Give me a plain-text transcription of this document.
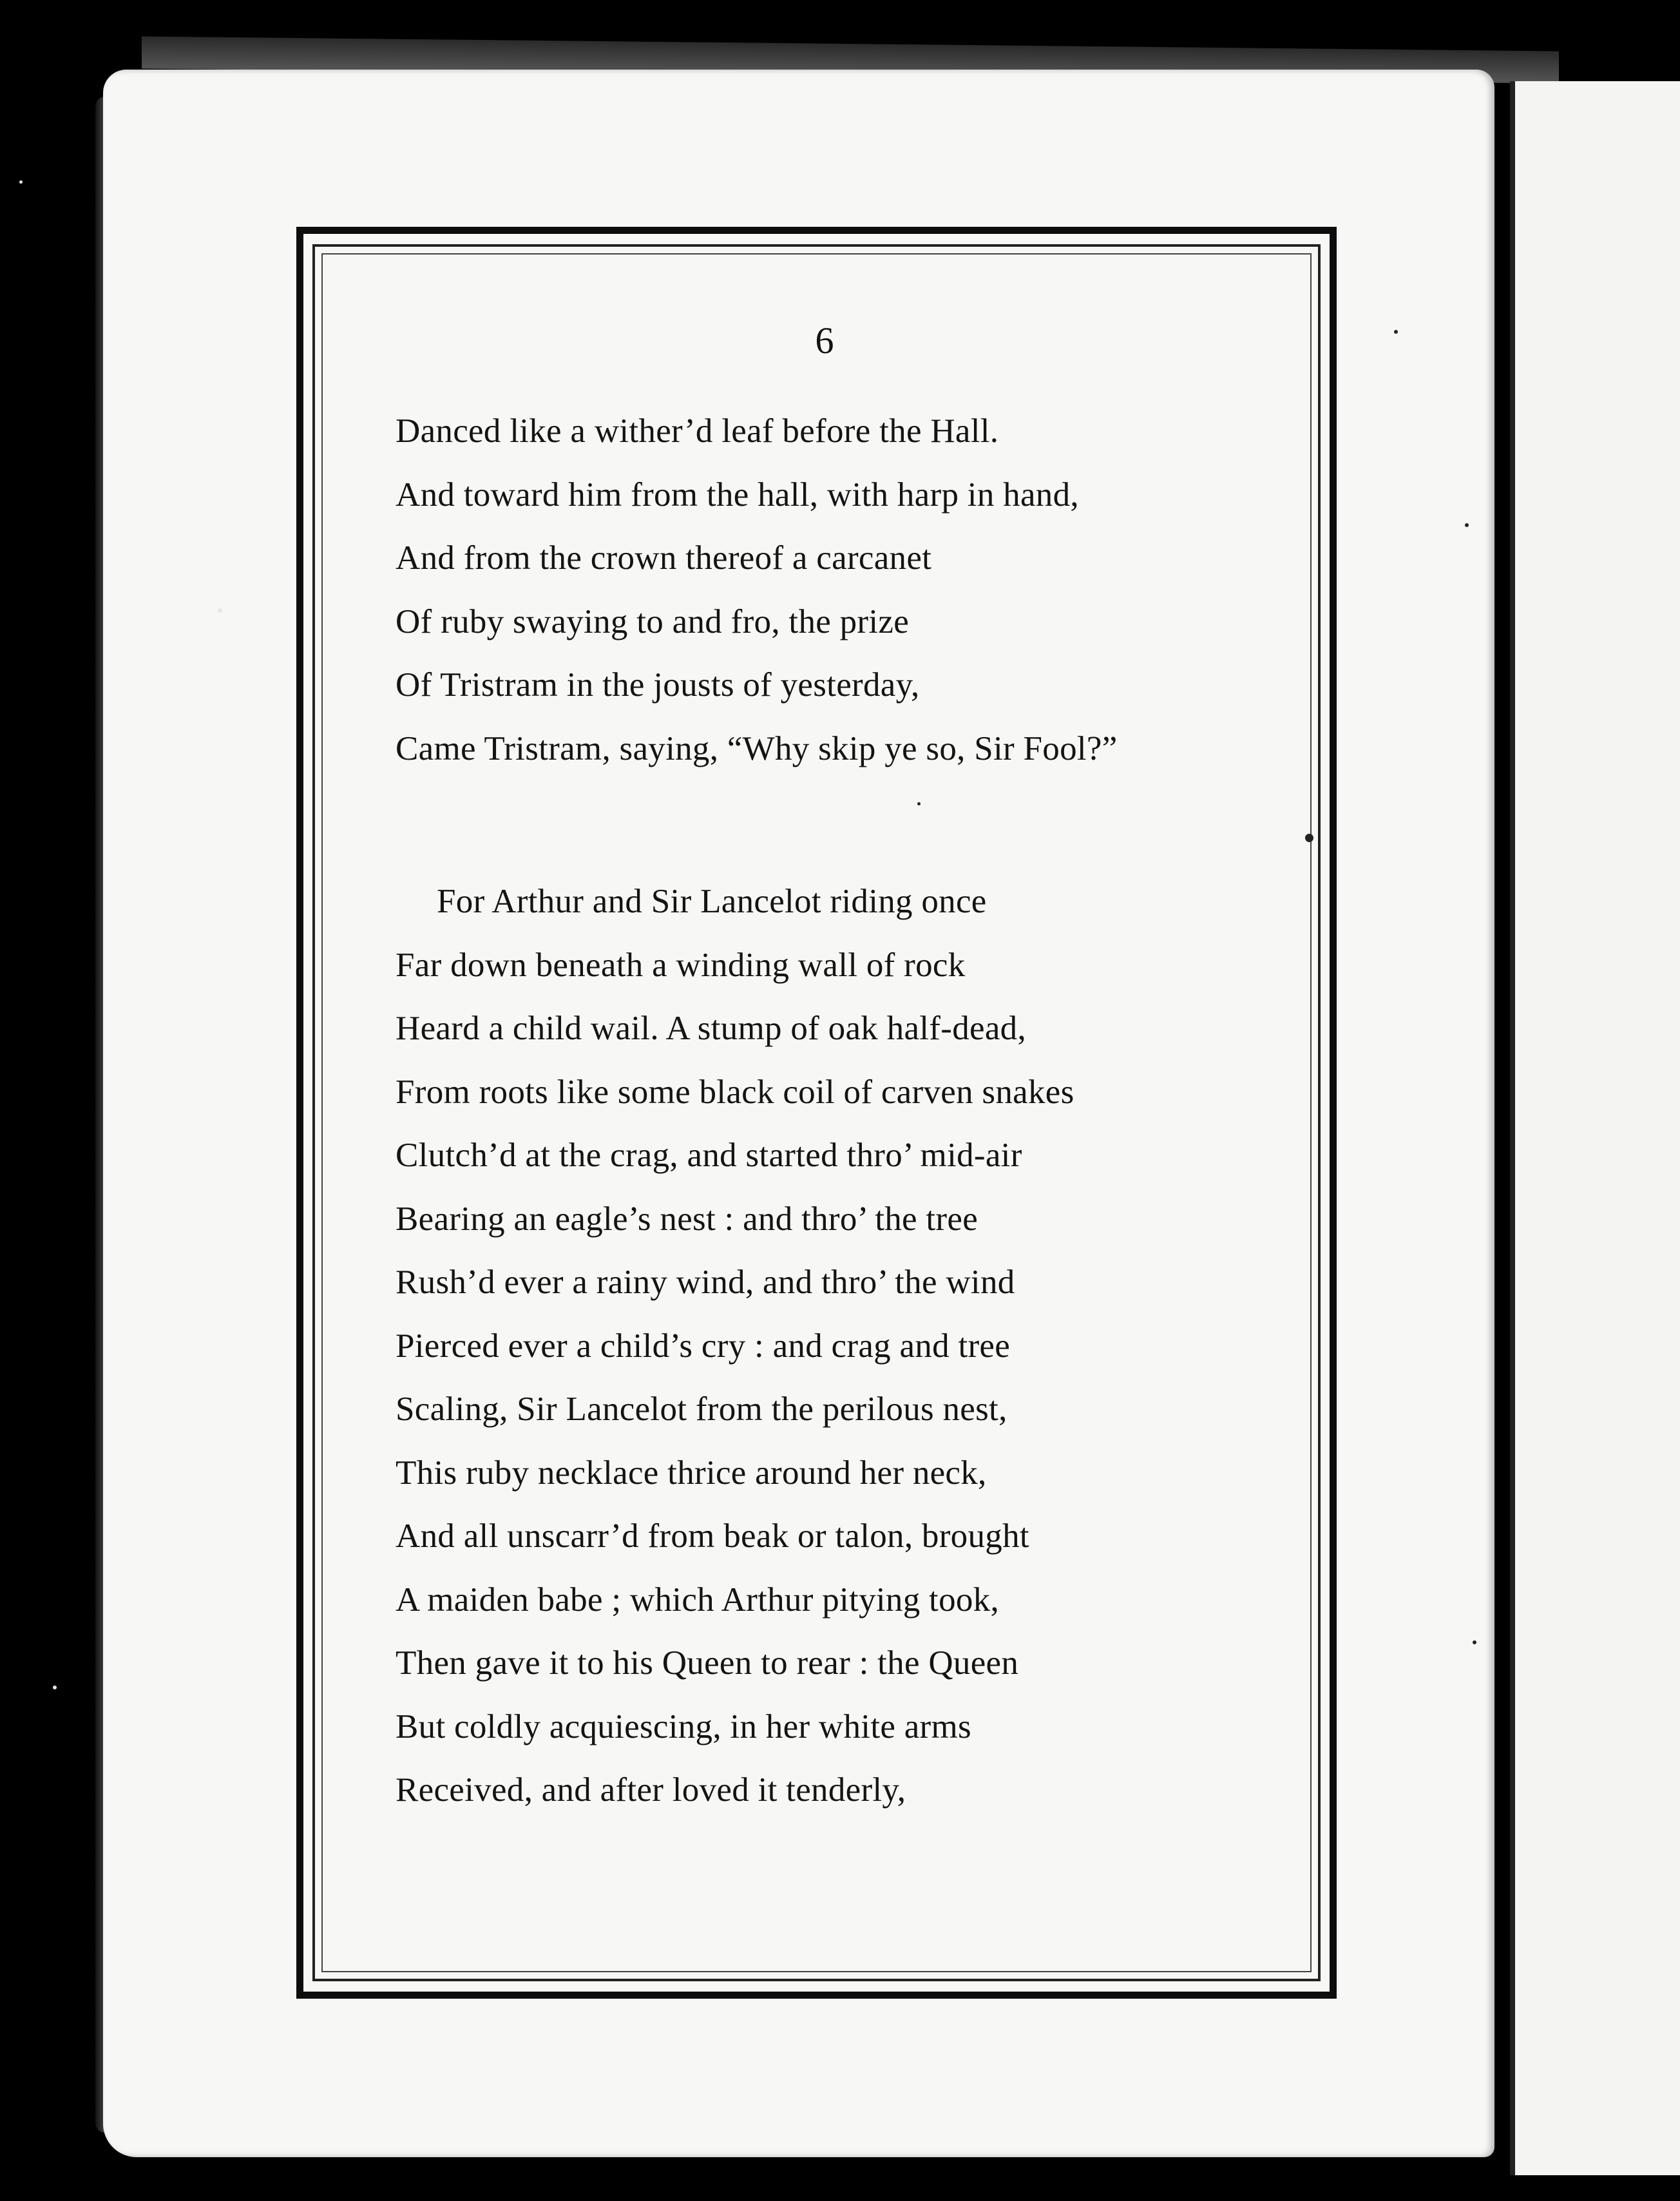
6
Danced like a wither’d leaf before the Hall.
And toward him from the hall, with harp in hand,
And from the crown thereof a carcanet
Of ruby swaying to and fro, the prize
Of Tristram in the jousts of yesterday,
Came Tristram, saying, “Why skip ye so, Sir Fool?”
For Arthur and Sir Lancelot riding once
Far down beneath a winding wall of rock
Heard a child wail. A stump of oak half-dead,
From roots like some black coil of carven snakes
Clutch’d at the crag, and started thro’ mid-air
Bearing an eagle’s nest : and thro’ the tree
Rush’d ever a rainy wind, and thro’ the wind
Pierced ever a child’s cry : and crag and tree
Scaling, Sir Lancelot from the perilous nest,
This ruby necklace thrice around her neck,
And all unscarr’d from beak or talon, brought
A maiden babe ; which Arthur pitying took,
Then gave it to his Queen to rear : the Queen
But coldly acquiescing, in her white arms
Received, and after loved it tenderly,
